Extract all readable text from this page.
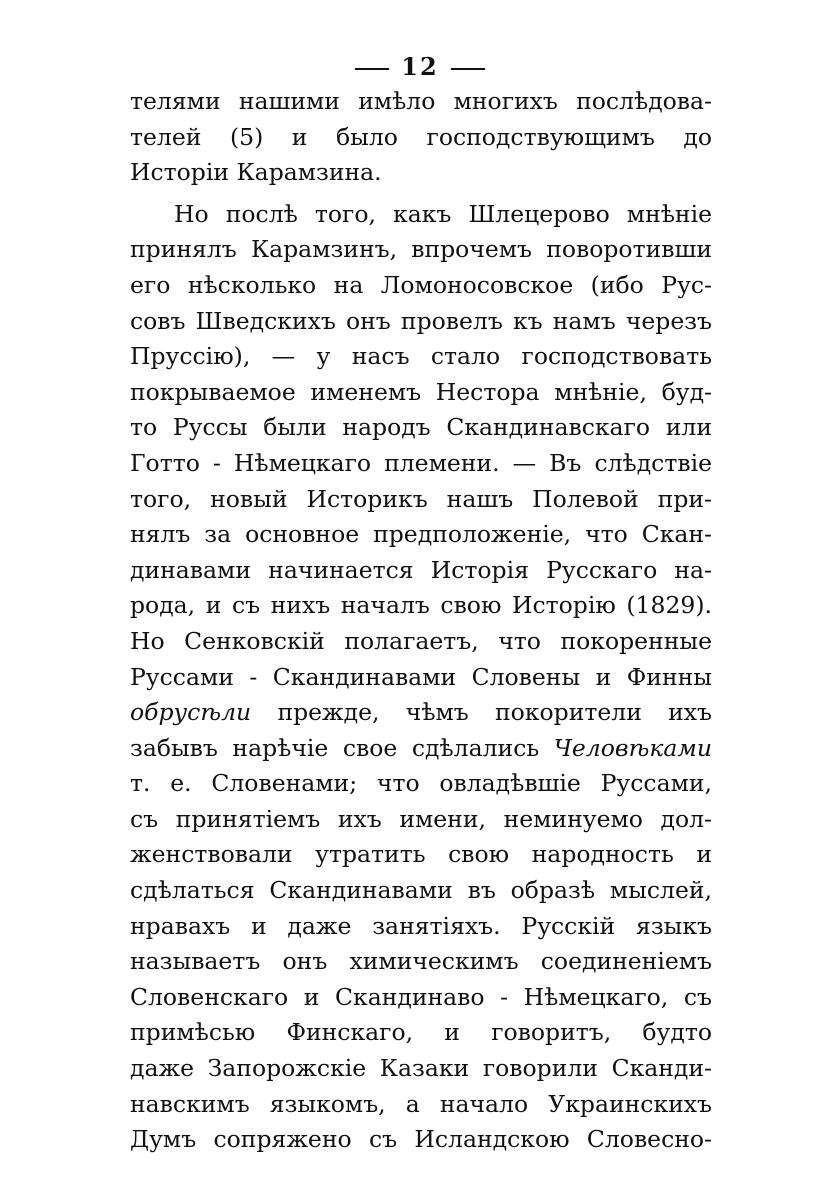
12
телями нашими имѣло многихъ послѣдова-
телей (5) и было господствующимъ до
Исторіи Карамзина.
Но послѣ того, какъ Шлецерово мнѣніе
принялъ Карамзинъ, впрочемъ поворотивши
его нѣсколько на Ломоносовское (ибо Рус-
совъ Шведскихъ онъ провелъ къ намъ черезъ
Пруссію), — у насъ стало господствовать
покрываемое именемъ Нестора мнѣніе, буд-
то Руссы были народъ Скандинавскаго или
Готто - Нѣмецкаго племени. — Въ слѣдствіе
того, новый Историкъ нашъ Полевой при-
нялъ за основное предположеніе, что Скан-
динавами начинается Исторія Русскаго на-
рода, и съ нихъ началъ свою Исторію (1829).
Но Сенковскій полагаетъ, что покоренные
Руссами - Скандинавами Словены и Финны
обрусѣли прежде, чѣмъ покорители ихъ
забывъ нарѣчіе свое сдѣлались Человѣками
т. е. Словенами; что овладѣвшіе Руссами,
съ принятіемъ ихъ имени, неминуемо дол-
женствовали утратить свою народность и
сдѣлаться Скандинавами въ образѣ мыслей,
нравахъ и даже занятіяхъ. Русскій языкъ
называетъ онъ химическимъ соединеніемъ
Словенскаго и Скандинаво - Нѣмецкаго, съ
примѣсью Финскаго, и говоритъ, будто
даже Запорожскіе Казаки говорили Сканди-
навскимъ языкомъ, а начало Украинскихъ
Думъ сопряжено съ Исландскою Словесно-
